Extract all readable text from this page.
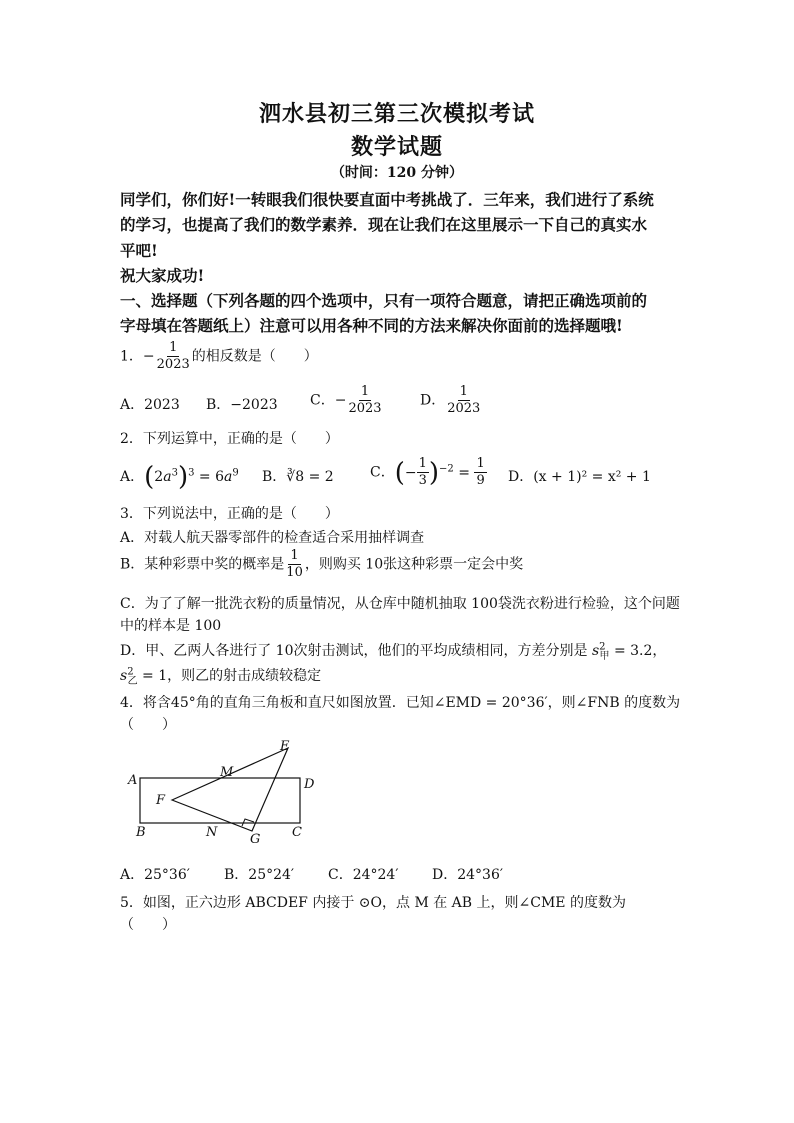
泗水县初三第三次模拟考试
数学试题
（时间：120 分钟）
同学们，你们好!一转眼我们很快要直面中考挑战了．三年来，我们进行了系统
的学习，也提高了我们的数学素养．现在让我们在这里展示一下自己的真实水
平吧!
祝大家成功!
一、选择题（下列各题的四个选项中，只有一项符合题意，请把正确选项前的
字母填在答题纸上）注意可以用各种不同的方法来解决你面前的选择题哦!
1．− $\frac{1}{2023}$ 的相反数是（　　）
A．2023 B．−2023 C．− $\frac{1}{2023}$	D． $\frac{1}{2023}$
2．下列运算中，正确的是（　　）
A．$(2a^3)^3 = 6a^9$ B．∛8 = 2	C．(− $\frac{1}{3} )^{-2} = \frac{1}{9}$ D．(x + 1)² = x² + 1
3．下列说法中，正确的是（　　）
A．对载人航天器零部件的检查适合采用抽样调查
B．某种彩票中奖的概率是 $\frac{1}{10}$ ，则购买 10张这种彩票一定会中奖
C．为了了解一批洗衣粉的质量情况，从仓库中随机抽取 100袋洗衣粉进行检验，这个问题
中的样本是 100
D．甲、乙两人各进行了 10次射击测试，他们的平均成绩相同，方差分别是 $s^2_甲 = 3.2$，
$s^2_乙 = 1$，则乙的射击成绩较稳定
4．将含45°角的直角三角板和直尺如图放置．已知∠EMD = 20°36′，则∠FNB 的度数为
（　　）
A
B	C
D
E
F
G
M
N
A．25°36′ B．25°24′ C．24°24′ D．24°36′
5．如图，正六边形 ABCDEF 内接于 ⊙O，点 M 在 AB 上，则∠CME 的度数为
（　　）
